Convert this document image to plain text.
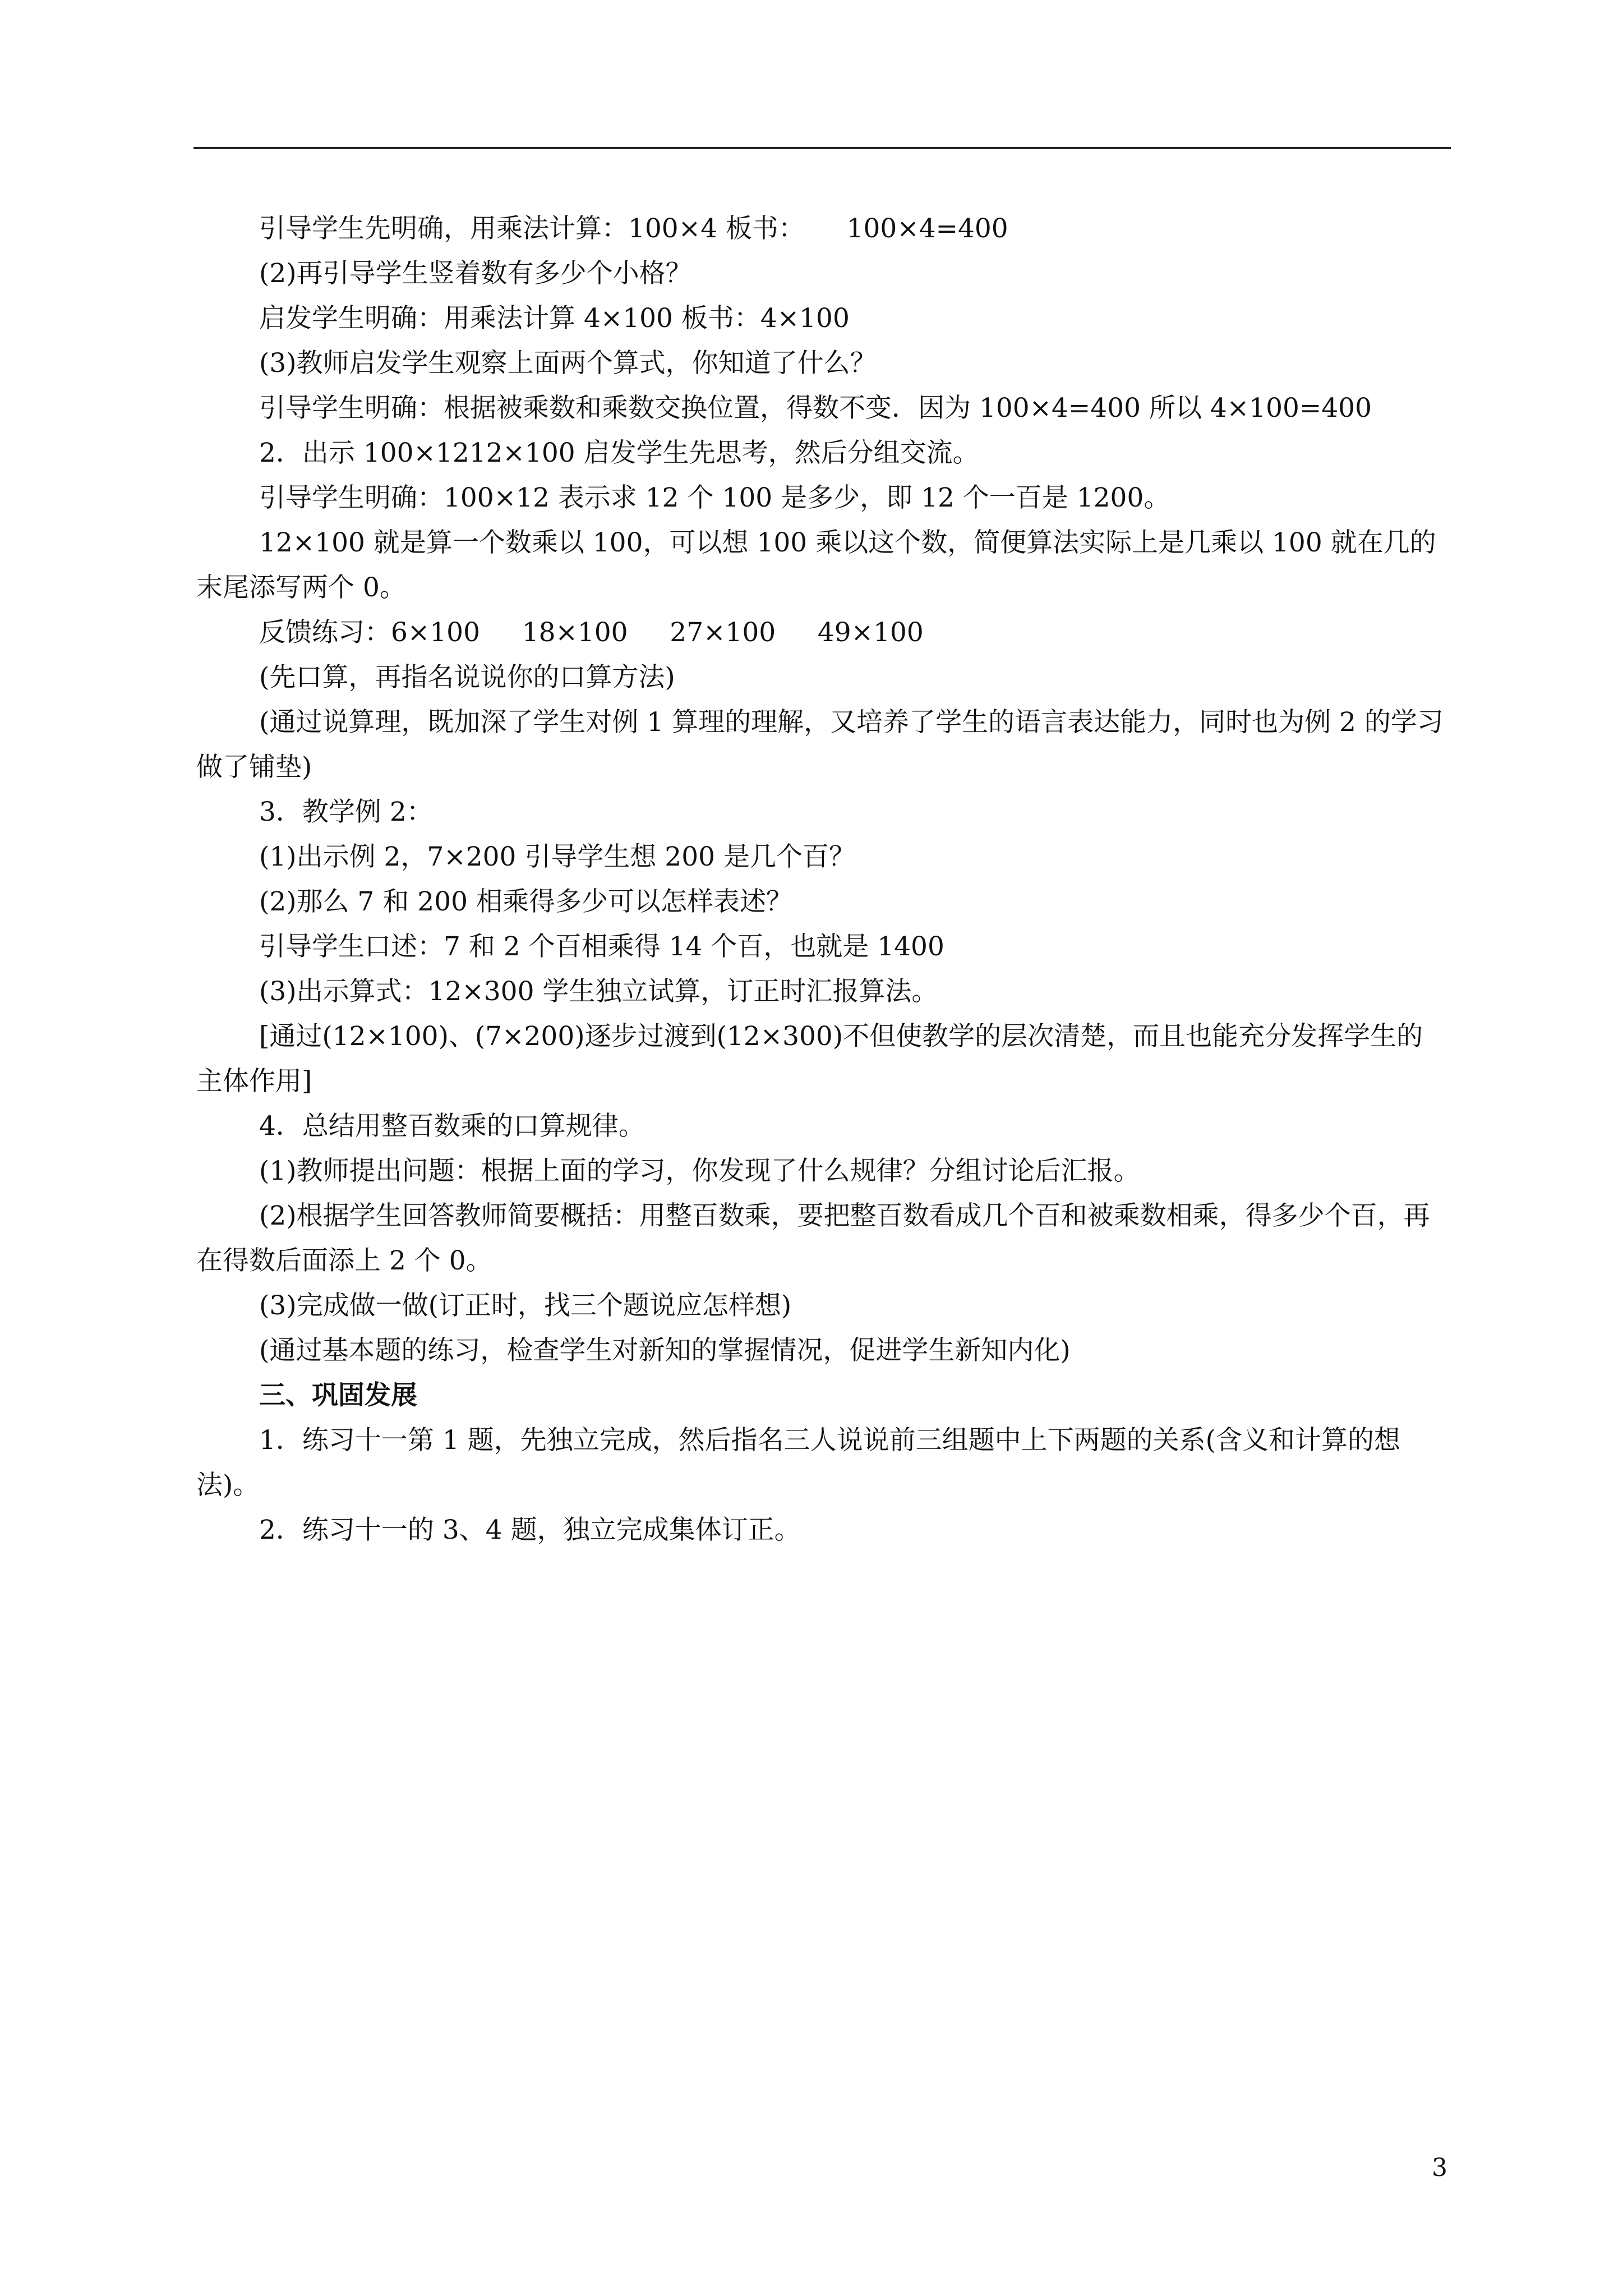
引导学生先明确，用乘法计算：100×4 板书：     100×4=400

(2)再引导学生竖着数有多少个小格？

启发学生明确：用乘法计算 4×100 板书：4×100

(3)教师启发学生观察上面两个算式，你知道了什么？

引导学生明确：根据被乘数和乘数交换位置，得数不变．因为 100×4=400 所以 4×100=400

2．出示 100×1212×100 启发学生先思考，然后分组交流。

引导学生明确：100×12 表示求 12 个 100 是多少，即 12 个一百是 1200。

12×100 就是算一个数乘以 100，可以想 100 乘以这个数，简便算法实际上是几乘以 100 就在几的末尾添写两个 0。

反馈练习：6×100     18×100     27×100     49×100

(先口算，再指名说说你的口算方法)

(通过说算理，既加深了学生对例 1 算理的理解，又培养了学生的语言表达能力，同时也为例 2 的学习做了铺垫)

3．教学例 2：

(1)出示例 2，7×200 引导学生想 200 是几个百？

(2)那么 7 和 200 相乘得多少可以怎样表述？

引导学生口述：7 和 2 个百相乘得 14 个百，也就是 1400

(3)出示算式：12×300 学生独立试算，订正时汇报算法。

[通过(12×100)、(7×200)逐步过渡到(12×300)不但使教学的层次清楚，而且也能充分发挥学生的主体作用]

4．总结用整百数乘的口算规律。

(1)教师提出问题：根据上面的学习，你发现了什么规律？分组讨论后汇报。

(2)根据学生回答教师简要概括：用整百数乘，要把整百数看成几个百和被乘数相乘，得多少个百，再在得数后面添上 2 个 0。

(3)完成做一做(订正时，找三个题说应怎样想)

(通过基本题的练习，检查学生对新知的掌握情况，促进学生新知内化)

三、巩固发展

1．练习十一第 1 题，先独立完成，然后指名三人说说前三组题中上下两题的关系(含义和计算的想法)。

2．练习十一的 3、4 题，独立完成集体订正。

3
